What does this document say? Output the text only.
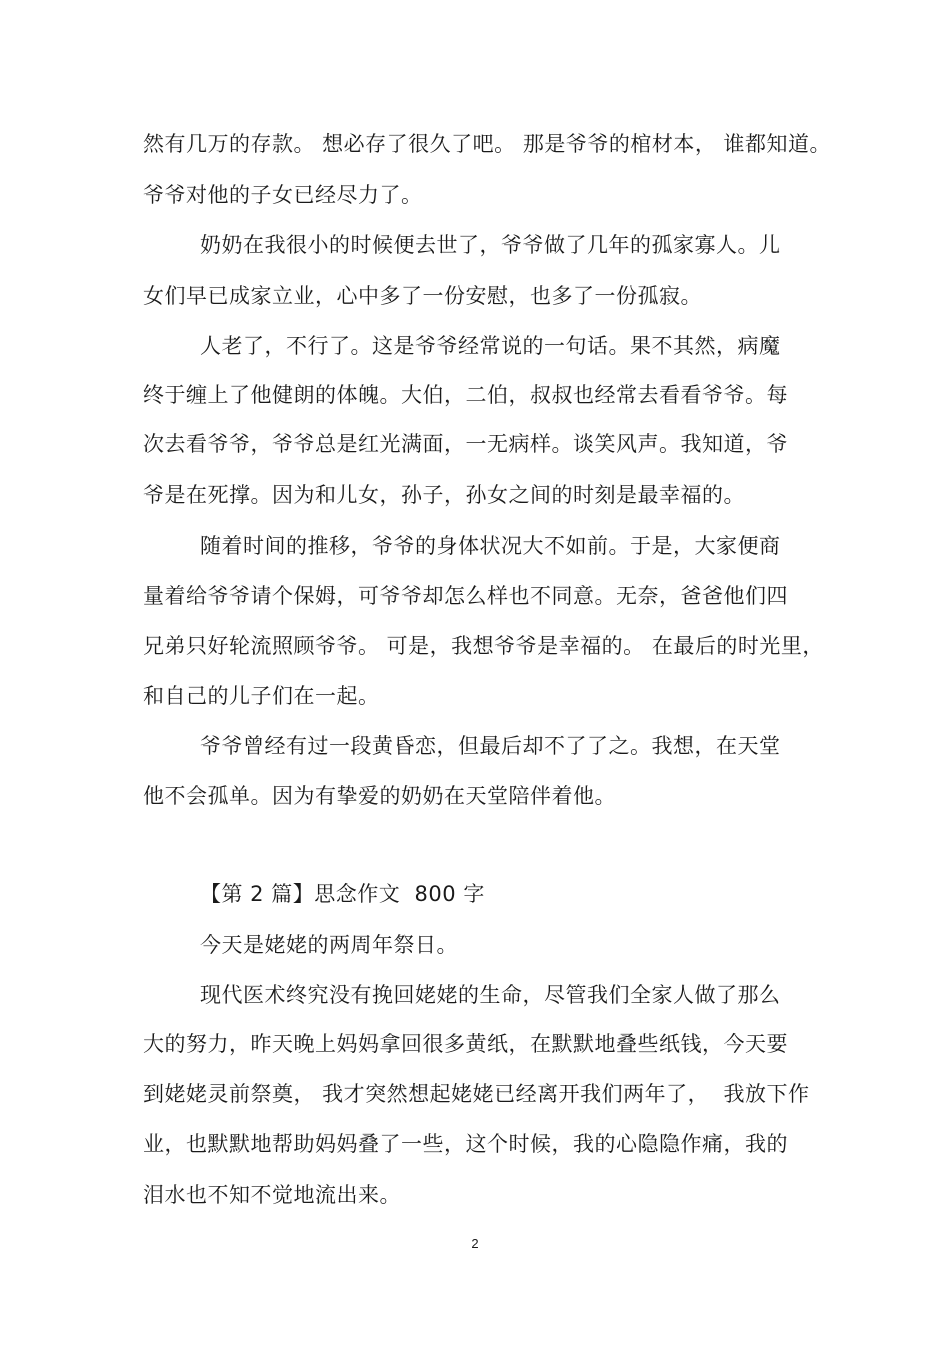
然有几万的存款。 想必存了很久了吧。 那是爷爷的棺材本， 谁都知道。
爷爷对他的子女已经尽力了。
奶奶在我很小的时候便去世了，爷爷做了几年的孤家寡人。儿
女们早已成家立业，心中多了一份安慰，也多了一份孤寂。
人老了，不行了。这是爷爷经常说的一句话。果不其然，病魔
终于缠上了他健朗的体魄。大伯，二伯，叔叔也经常去看看爷爷。每
次去看爷爷，爷爷总是红光满面，一无病样。谈笑风声。我知道，爷
爷是在死撑。因为和儿女，孙子，孙女之间的时刻是最幸福的。
随着时间的推移，爷爷的身体状况大不如前。于是，大家便商
量着给爷爷请个保姆，可爷爷却怎么样也不同意。无奈，爸爸他们四
兄弟只好轮流照顾爷爷。 可是，我想爷爷是幸福的。 在最后的时光里，
和自己的儿子们在一起。
爷爷曾经有过一段黄昏恋，但最后却不了了之。我想，在天堂
他不会孤单。因为有挚爱的奶奶在天堂陪伴着他。
【第 2 篇】思念作文  800 字
今天是姥姥的两周年祭日。
现代医术终究没有挽回姥姥的生命，尽管我们全家人做了那么
大的努力，昨天晚上妈妈拿回很多黄纸，在默默地叠些纸钱，今天要
到姥姥灵前祭奠， 我才突然想起姥姥已经离开我们两年了，  我放下作
业，也默默地帮助妈妈叠了一些，这个时候，我的心隐隐作痛，我的
泪水也不知不觉地流出来。
2
